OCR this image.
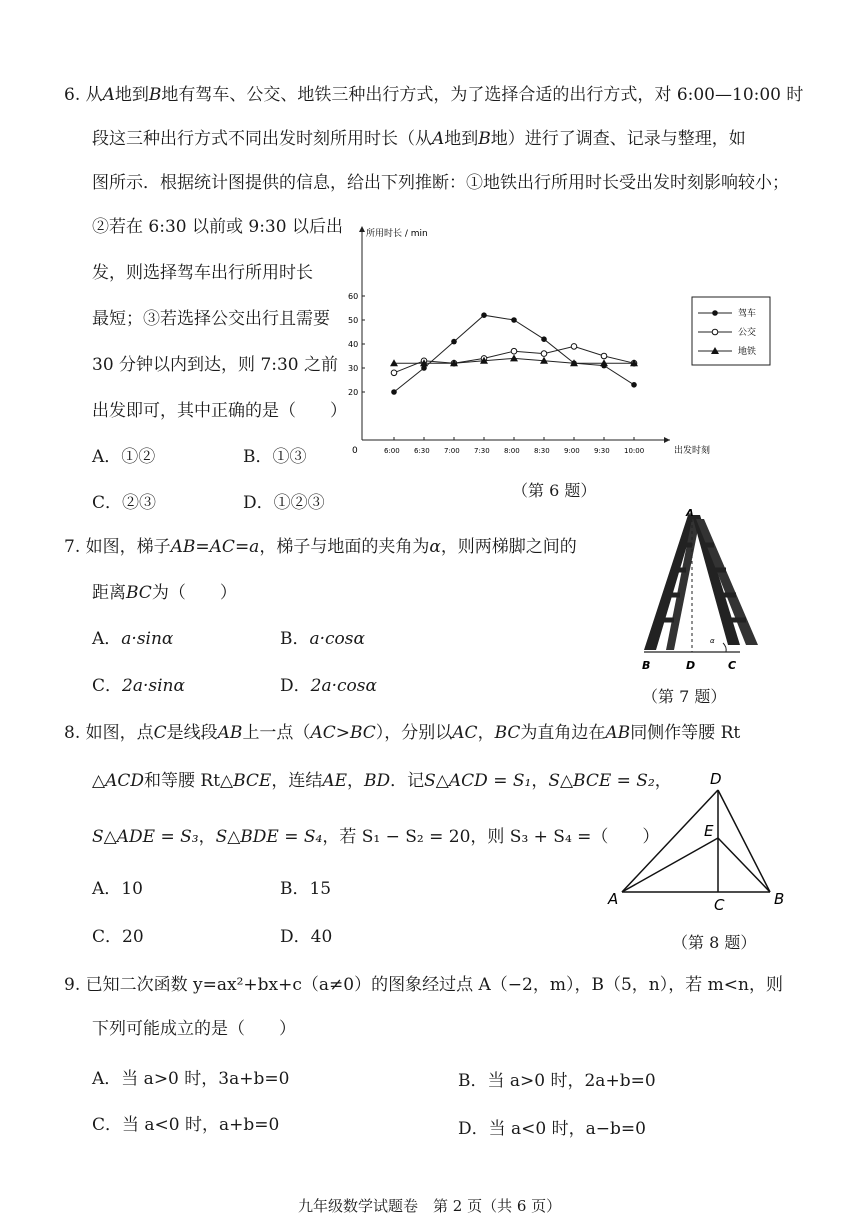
6. 从A地到B地有驾车、公交、地铁三种出行方式，为了选择合适的出行方式，对 6:00—10:00 时
段这三种出行方式不同出发时刻所用时长（从A地到B地）进行了调查、记录与整理，如
图所示．根据统计图提供的信息，给出下列推断：①地铁出行所用时长受出发时刻影响较小；
②若在 6:30 以前或 9:30 以后出
发，则选择驾车出行所用时长
最短；③若选择公交出行且需要
30 分钟以内到达，则 7:30 之前
出发即可，其中正确的是（　　）
A．①②	B．①③
C．②③	D．①②③
所用时长 / min
出发时刻
0
20
30
40
50
60
6:00 6:30 7:00 7:30 8:00 8:30 9:00 9:30 10:00
驾车
公交
地铁
（第 6 题）
7. 如图，梯子AB=AC=a，梯子与地面的夹角为α，则两梯脚之间的
距离BC为（　　）
A．a·sinα	B．a·cosα
C．2a·sinα	D．2a·cosα
A
B	D	C
α
（第 7 题）
8. 如图，点C是线段AB上一点（AC>BC），分别以AC，BC为直角边在AB同侧作等腰 Rt
△ACD和等腰 Rt△BCE，连结AE，BD．记S△ACD = S₁，S△BCE = S₂，
S△ADE = S₃，S△BDE = S₄，若 S₁ − S₂ = 20，则 S₃ + S₄ =（　　）
A．10	B．15
C．20	D．40
D
E
A	C	B
（第 8 题）
9. 已知二次函数 y=ax²+bx+c（a≠0）的图象经过点 A（−2，m），B（5，n），若 m<n，则
下列可能成立的是（　　）
A．当 a>0 时，3a+b=0	B．当 a>0 时，2a+b=0
C．当 a<0 时，a+b=0	D．当 a<0 时，a−b=0
九年级数学试题卷　第 2 页（共 6 页）
